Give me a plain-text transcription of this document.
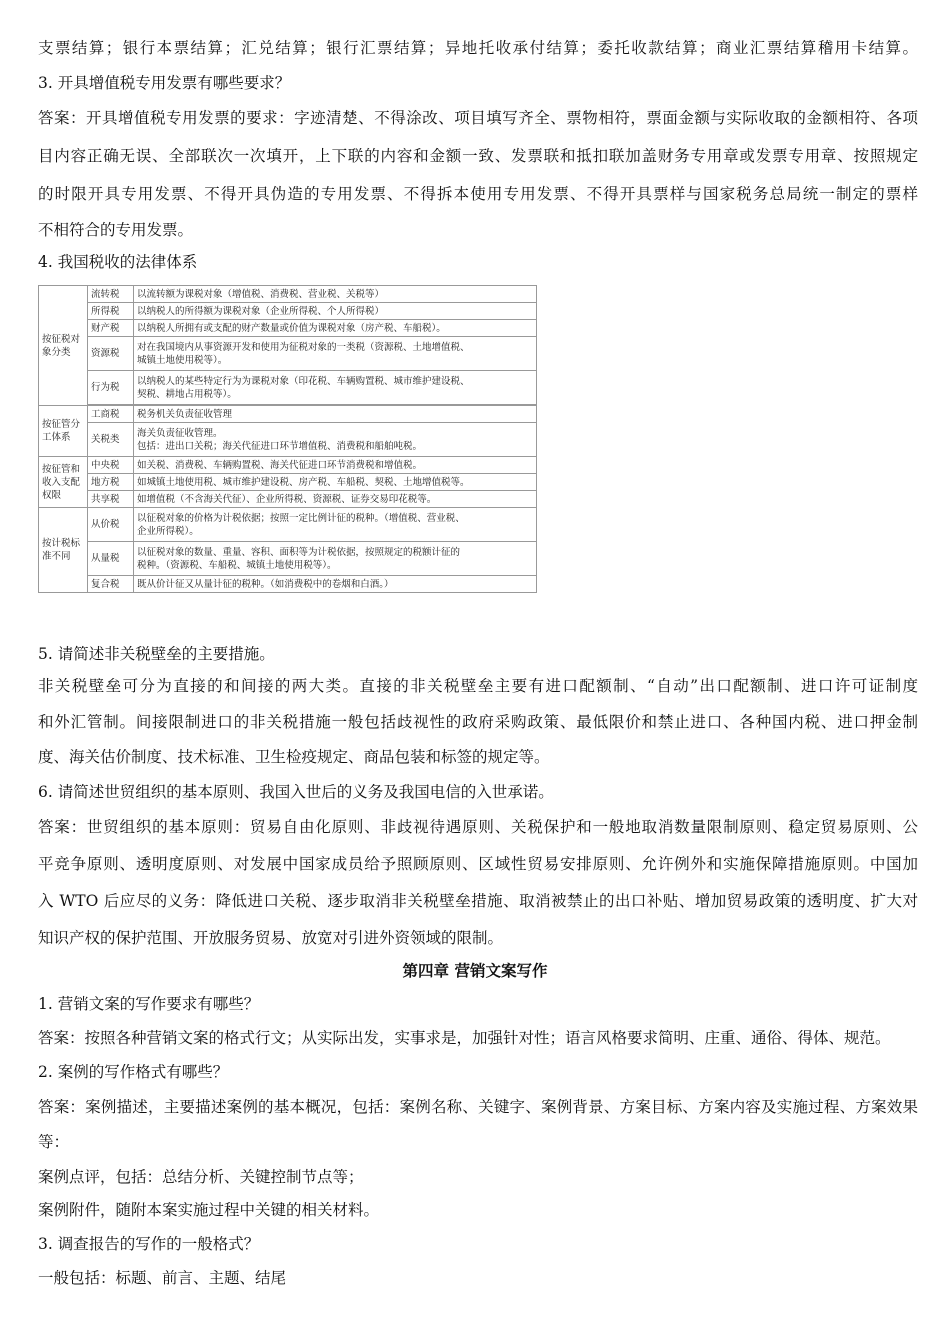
支票结算；银行本票结算；汇兑结算；银行汇票结算；异地托收承付结算；委托收款结算；商业汇票结算稽用卡结算。
3. 开具增值税专用发票有哪些要求？
答案：开具增值税专用发票的要求：字迹清楚、不得涂改、项目填写齐全、票物相符，票面金额与实际收取的金额相符、各项
目内容正确无误、全部联次一次填开，上下联的内容和金额一致、发票联和抵扣联加盖财务专用章或发票专用章、按照规定
的时限开具专用发票、不得开具伪造的专用发票、不得拆本使用专用发票、不得开具票样与国家税务总局统一制定的票样
不相符合的专用发票。
4. 我国税收的法律体系
按征税对
象分类	流转税	以流转额为课税对象（增值税、消费税、营业税、关税等）
	所得税	以纳税人的所得额为课税对象（企业所得税、个人所得税）
	财产税	以纳税人所拥有或支配的财产数量或价值为课税对象（房产税、车船税）。
	资源税	对在我国境内从事资源开发和使用为征税对象的一类税（资源税、土地增值税、
城镇土地使用税等）。
	行为税	以纳税人的某些特定行为为课税对象（印花税、车辆购置税、城市维护建设税、
契税、耕地占用税等）。

按征管分
工体系	工商税	税务机关负责征收管理
	关税类	海关负责征收管理。
包括：进出口关税；海关代征进口环节增值税、消费税和船舶吨税。
按征管和
收入支配
权限	中央税	如关税、消费税、车辆购置税、海关代征进口环节消费税和增值税。
	地方税	如城镇土地使用税、城市维护建设税、房产税、车船税、契税、土地增值税等。
	共享税	如增值税（不含海关代征）、企业所得税、资源税、证券交易印花税等。
按计税标
准不同	从价税	以征税对象的价格为计税依据；按照一定比例计征的税种。（增值税、营业税、
企业所得税）。
	从量税	以征税对象的数量、重量、容积、面积等为计税依据，按照规定的税额计征的
税种。（资源税、车船税、城镇土地使用税等）。
	复合税	既从价计征又从量计征的税种。（如消费税中的卷烟和白酒。）
5. 请简述非关税壁垒的主要措施。
非关税壁垒可分为直接的和间接的两大类。直接的非关税壁垒主要有进口配额制、“自动”出口配额制、进口许可证制度
和外汇管制。间接限制进口的非关税措施一般包括歧视性的政府采购政策、最低限价和禁止进口、各种国内税、进口押金制
度、海关估价制度、技术标准、卫生检疫规定、商品包装和标签的规定等。
6. 请简述世贸组织的基本原则、我国入世后的义务及我国电信的入世承诺。
答案：世贸组织的基本原则：贸易自由化原则、非歧视待遇原则、关税保护和一般地取消数量限制原则、稳定贸易原则、公
平竞争原则、透明度原则、对发展中国家成员给予照顾原则、区域性贸易安排原则、允许例外和实施保障措施原则。中国加
入 WTO 后应尽的义务：降低进口关税、逐步取消非关税壁垒措施、取消被禁止的出口补贴、增加贸易政策的透明度、扩大对
知识产权的保护范围、开放服务贸易、放宽对引进外资领域的限制。
第四章 营销文案写作
1. 营销文案的写作要求有哪些？
答案：按照各种营销文案的格式行文；从实际出发，实事求是，加强针对性；语言风格要求简明、庄重、通俗、得体、规范。
2. 案例的写作格式有哪些？
答案：案例描述，主要描述案例的基本概况，包括：案例名称、关键字、案例背景、方案目标、方案内容及实施过程、方案效果
等：
案例点评，包括：总结分析、关键控制节点等；
案例附件，随附本案实施过程中关键的相关材料。
3. 调查报告的写作的一般格式？
一般包括：标题、前言、主题、结尾
